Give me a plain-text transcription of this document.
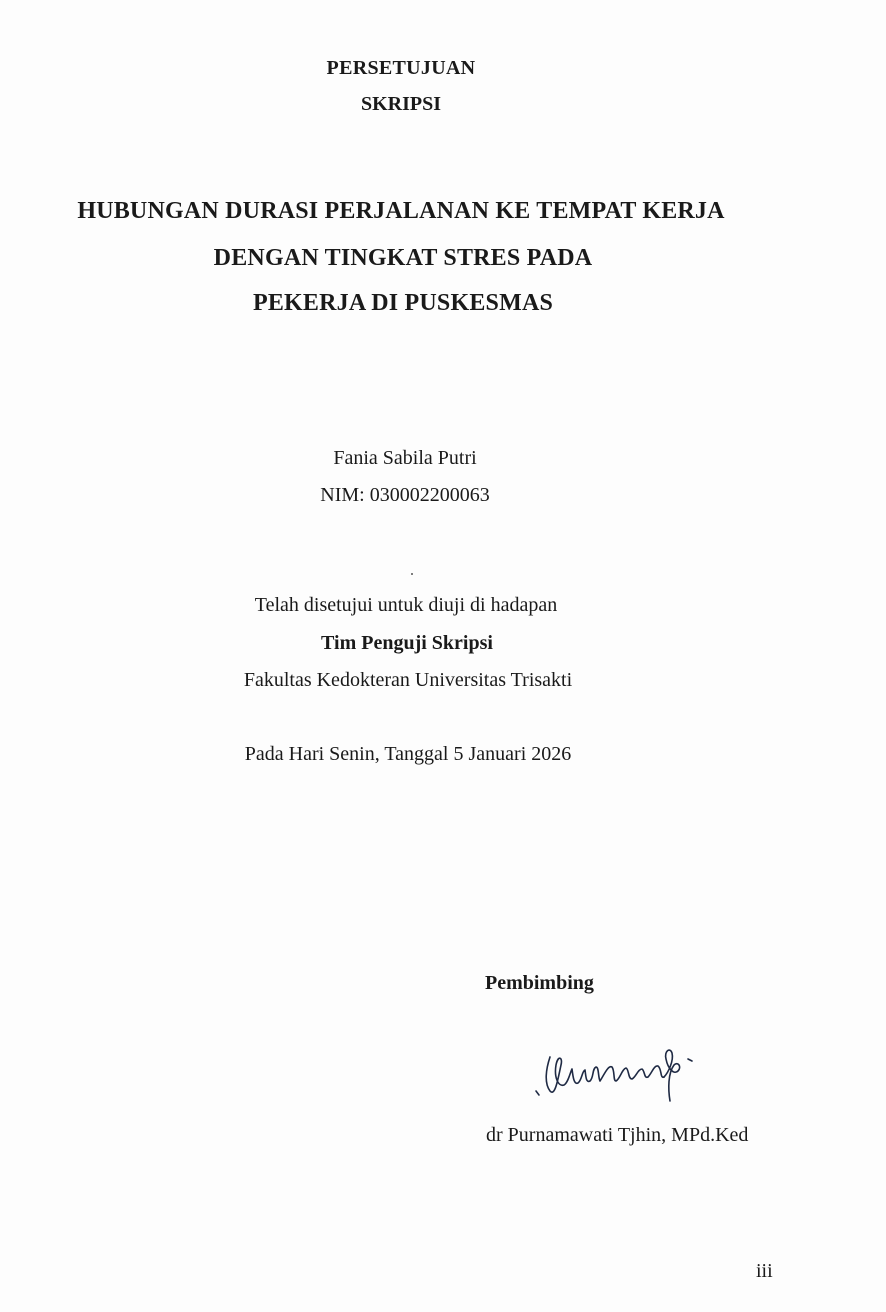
PERSETUJUAN
SKRIPSI
HUBUNGAN DURASI PERJALANAN KE TEMPAT KERJA
DENGAN TINGKAT STRES PADA
PEKERJA DI PUSKESMAS
Fania Sabila Putri
NIM: 030002200063
Telah disetujui untuk diuji di hadapan
Tim Penguji Skripsi
Fakultas Kedokteran Universitas Trisakti
Pada Hari Senin, Tanggal 5 Januari 2026
Pembimbing
dr Purnamawati Tjhin, MPd.Ked
iii
